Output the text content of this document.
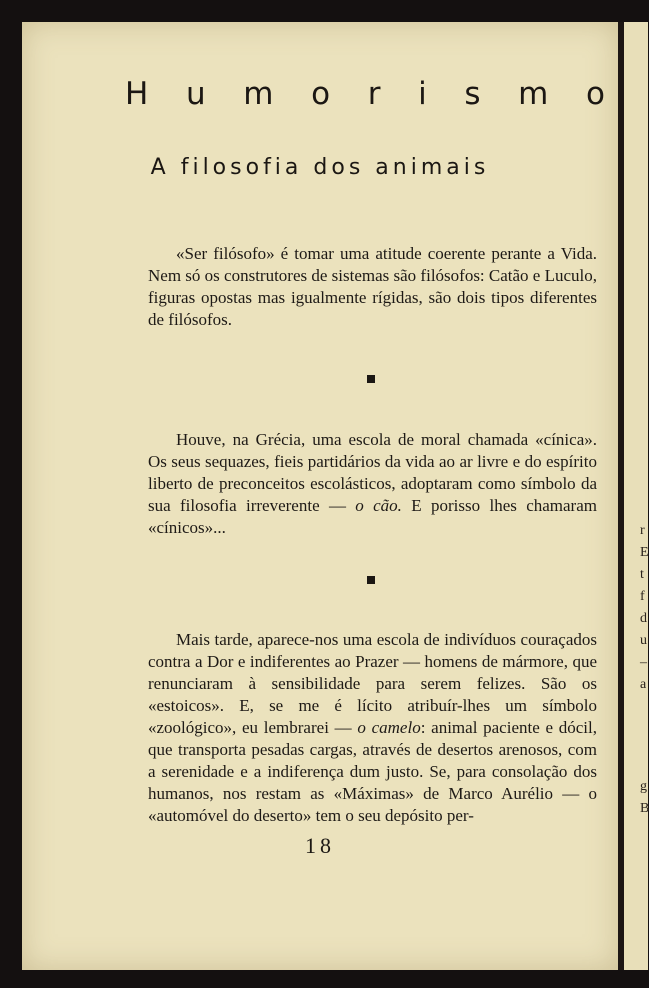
H u m o r i s m o
A filosofia dos animais

«Ser filósofo» é tomar uma atitude coerente perante a Vida. Nem só os construtores de sistemas são filósofos: Catão e Luculo, figuras opostas mas igualmente rígidas, são dois tipos diferentes de filósofos.

Houve, na Grécia, uma escola de moral chamada «cínica». Os seus sequazes, fieis partidários da vida ao ar livre e do espírito liberto de preconceitos escolásticos, adoptaram como símbolo da sua filosofia irreverente — o cão. E porisso lhes chamaram «cínicos»...

Mais tarde, aparece-nos uma escola de indivíduos couraçados contra a Dor e indiferentes ao Prazer — homens de mármore, que renunciaram à sensibilidade para serem felizes. São os «estoicos». E, se me é lícito atribuír-lhes um símbolo «zoológico», eu lembrarei — o camelo: animal paciente e dócil, que transporta pesadas cargas, através de desertos arenosos, com a serenidade e a indiferença dum justo. Se, para consolação dos humanos, nos restam as «Máximas» de Marco Aurélio — o «automóvel do deserto» tem o seu depósito per-

18
r
E
t
f
d
u
–
a
g
B
